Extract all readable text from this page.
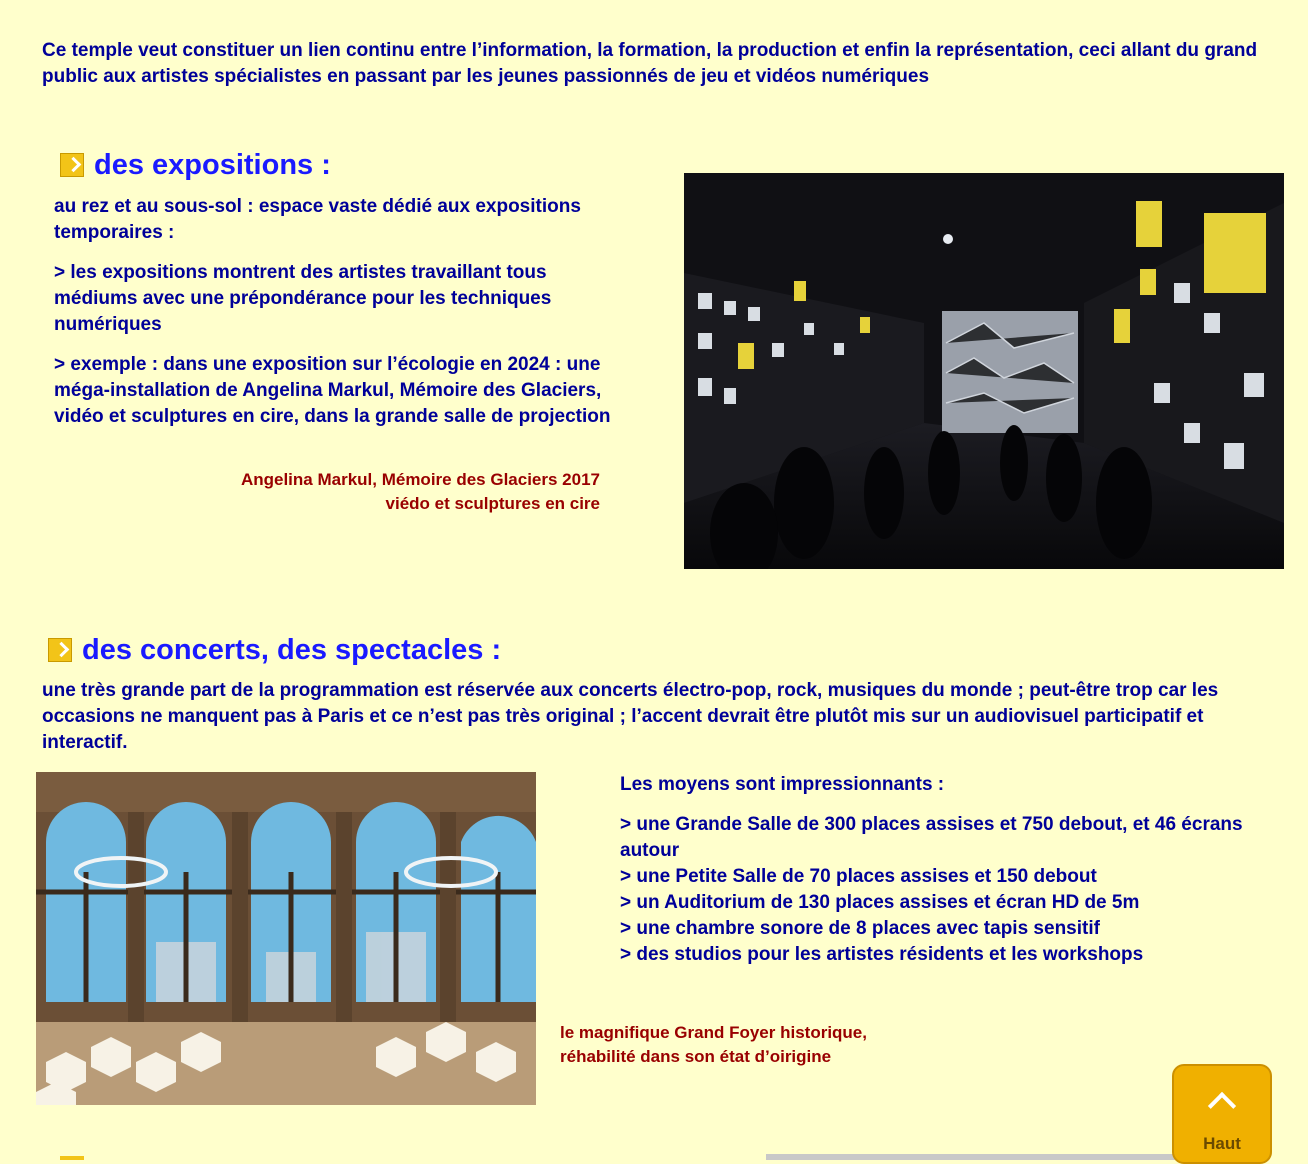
Ce temple veut constituer un lien continu entre l’information, la formation, la production et enfin la représentation, ceci allant du grand public aux artistes spécialistes en passant par les jeunes passionnés de jeu et vidéos numériques
des expositions :

au rez et au sous-sol : espace vaste dédié aux expositions temporaires :

> les expositions montrent des artistes travaillant tous médiums avec une prépondérance pour les techniques numériques

> exemple : dans une exposition sur l’écologie en 2024 : une méga-installation de Angelina Markul, Mémoire des Glaciers, vidéo et sculptures en cire, dans la grande salle de projection

Angelina Markul, Mémoire des Glaciers 2017
viédo et sculptures en cire
des concerts, des spectacles :
une très grande part de la programmation est réservée aux concerts électro-pop, rock, musiques du monde ; peut-être trop car les occasions ne manquent pas à Paris et ce n’est pas très original ; l’accent devrait être plutôt mis sur un audiovisuel participatif et interactif.

Les moyens sont impressionnants :

> une Grande Salle de 300 places assises et 750 debout, et 46 écrans autour
> une Petite Salle de 70 places assises et 150 debout
> un Auditorium de 130 places assises et écran HD de 5m
> une chambre sonore de 8 places avec tapis sensitif
> des studios pour les artistes résidents et les workshops
le magnifique Grand Foyer historique,
réhabilité dans son état d’oirigine
Haut
